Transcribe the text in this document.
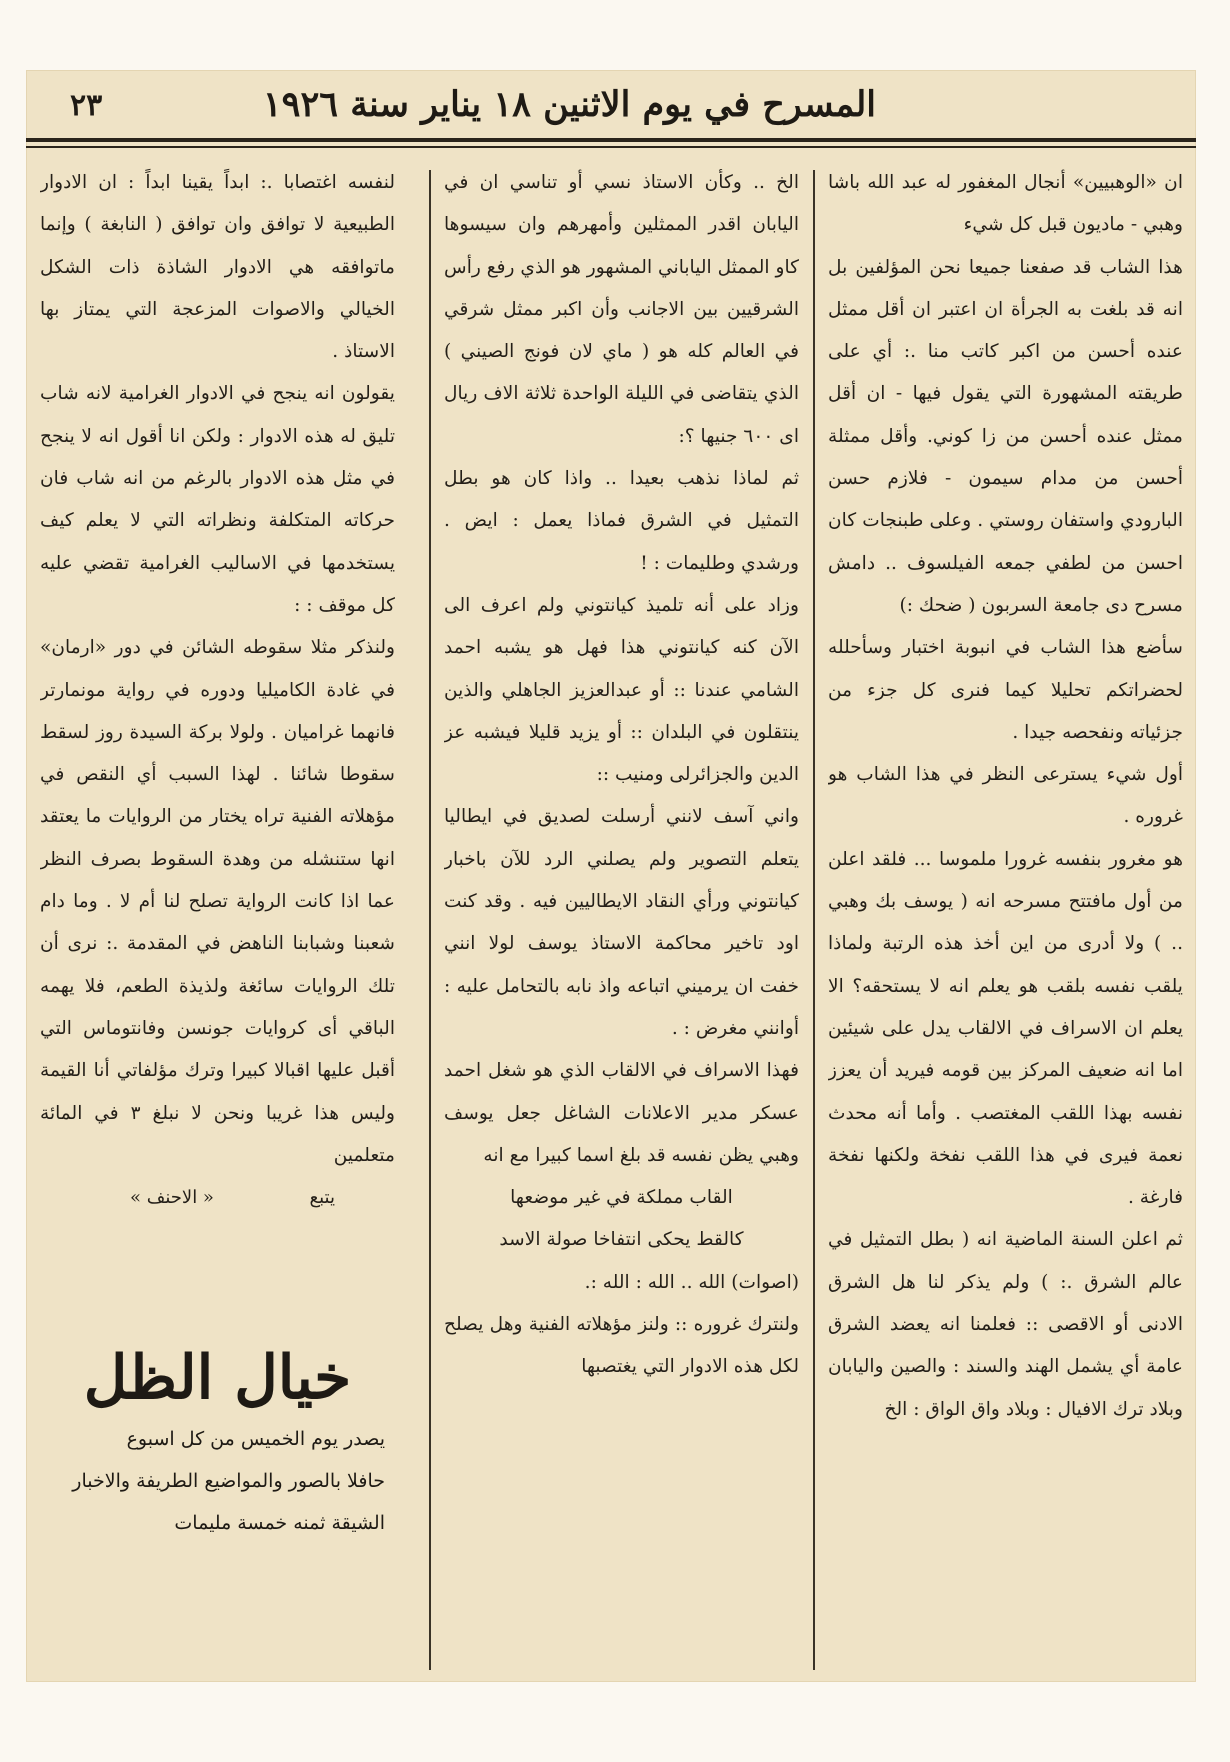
المسرح في يوم الاثنين ١٨ يناير سنة ١٩٢٦
٢٣

ان «الوهبيين» أنجال المغفور له عبد الله باشا وهبي - ماديون قبل كل شيء

هذا الشاب قد صفعنا جميعا نحن المؤلفين بل انه قد بلغت به الجرأة ان اعتبر ان أقل ممثل عنده أحسن من اكبر كاتب منا .: أي على طريقته المشهورة التي يقول فيها - ان أقل ممثل عنده أحسن من زا كوني. وأقل ممثلة أحسن من مدام سيمون - فلازم حسن البارودي واستفان روستي . وعلى طبنجات كان احسن من لطفي جمعه الفيلسوف .. دامش مسرح دى جامعة السربون ( ضحك :)

سأضع هذا الشاب في انبوبة اختبار وسأحلله لحضراتكم تحليلا كيما فنرى كل جزء من جزئياته ونفحصه جيدا .

أول شيء يسترعى النظر في هذا الشاب هو غروره .

هو مغرور بنفسه غرورا ملموسا ... فلقد اعلن من أول مافتتح مسرحه انه ( يوسف بك وهبي .. ) ولا أدرى من اين أخذ هذه الرتبة ولماذا يلقب نفسه بلقب هو يعلم انه لا يستحقه؟ الا يعلم ان الاسراف في الالقاب يدل على شيئين اما انه ضعيف المركز بين قومه فيريد أن يعزز نفسه بهذا اللقب المغتصب . وأما أنه محدث نعمة فيرى في هذا اللقب نفخة ولكنها نفخة فارغة .

ثم اعلن السنة الماضية انه ( بطل التمثيل في عالم الشرق .: ) ولم يذكر لنا هل الشرق الادنى أو الاقصى :: فعلمنا انه يعضد الشرق عامة أي يشمل الهند والسند : والصين واليابان وبلاد ترك الافيال : وبلاد واق الواق : الخ

الخ .. وكأن الاستاذ نسي أو تناسي ان في اليابان اقدر الممثلين وأمهرهم وان سيسوها كاو الممثل الياباني المشهور هو الذي رفع رأس الشرقيين بين الاجانب وأن اكبر ممثل شرقي في العالم كله هو ( ماي لان فونج الصيني ) الذي يتقاضى في الليلة الواحدة ثلاثة الاف ريال اى ٦٠٠ جنيها ؟:

ثم لماذا نذهب بعيدا .. واذا كان هو بطل التمثيل في الشرق فماذا يعمل : ايض . ورشدي وطليمات : !

وزاد على أنه تلميذ كيانتوني ولم اعرف الى الآن كنه كيانتوني هذا فهل هو يشبه احمد الشامي عندنا :: أو عبدالعزيز الجاهلي والذين ينتقلون في البلدان :: أو يزيد قليلا فيشبه عز الدين والجزائرلى ومنيب ::

واني آسف لانني أرسلت لصديق في ايطاليا يتعلم التصوير ولم يصلني الرد للآن باخبار كيانتوني ورأي النقاد الايطاليين فيه . وقد كنت اود تاخير محاكمة الاستاذ يوسف لولا انني خفت ان يرميني اتباعه واذ نابه بالتحامل عليه : أوانني مغرض : .

فهذا الاسراف في الالقاب الذي هو شغل احمد عسكر مدير الاعلانات الشاغل جعل يوسف وهبي يظن نفسه قد بلغ اسما كبيرا مع انه

القاب مملكة في غير موضعها

كالقط يحكى انتفاخا صولة الاسد

(اصوات) الله .. الله : الله :.

ولنترك غروره :: ولنز مؤهلاته الفنية وهل يصلح لكل هذه الادوار التي يغتصبها

لنفسه اغتصابا .: ابداً يقينا ابداً : ان الادوار الطبيعية لا توافق وان توافق ( النابغة ) وإنما ماتوافقه هي الادوار الشاذة ذات الشكل الخيالي والاصوات المزعجة التي يمتاز بها الاستاذ .

يقولون انه ينجح في الادوار الغرامية لانه شاب تليق له هذه الادوار : ولكن انا أقول انه لا ينجح في مثل هذه الادوار بالرغم من انه شاب فان حركاته المتكلفة ونظراته التي لا يعلم كيف يستخدمها في الاساليب الغرامية تقضي عليه كل موقف : :

ولنذكر مثلا سقوطه الشائن في دور «ارمان» في غادة الكاميليا ودوره في رواية مونمارتر فانهما غراميان . ولولا بركة السيدة روز لسقط سقوطا شائنا . لهذا السبب أي النقص في مؤهلاته الفنية تراه يختار من الروايات ما يعتقد انها ستنشله من وهدة السقوط بصرف النظر عما اذا كانت الرواية تصلح لنا أم لا . وما دام شعبنا وشبابنا الناهض في المقدمة .: نرى أن تلك الروايات سائغة ولذيذة الطعم، فلا يهمه الباقي أى كروايات جونسن وفانتوماس التي أقبل عليها اقبالا كبيرا وترك مؤلفاتي أنا القيمة وليس هذا غريبا ونحن لا نبلغ ٣ في المائة متعلمين

يتبع
« الاحنف »
خيال الظل
يصدر يوم الخميس من كل اسبوع
حافلا بالصور والمواضيع الطريفة والاخبار
الشيقة ثمنه خمسة مليمات
